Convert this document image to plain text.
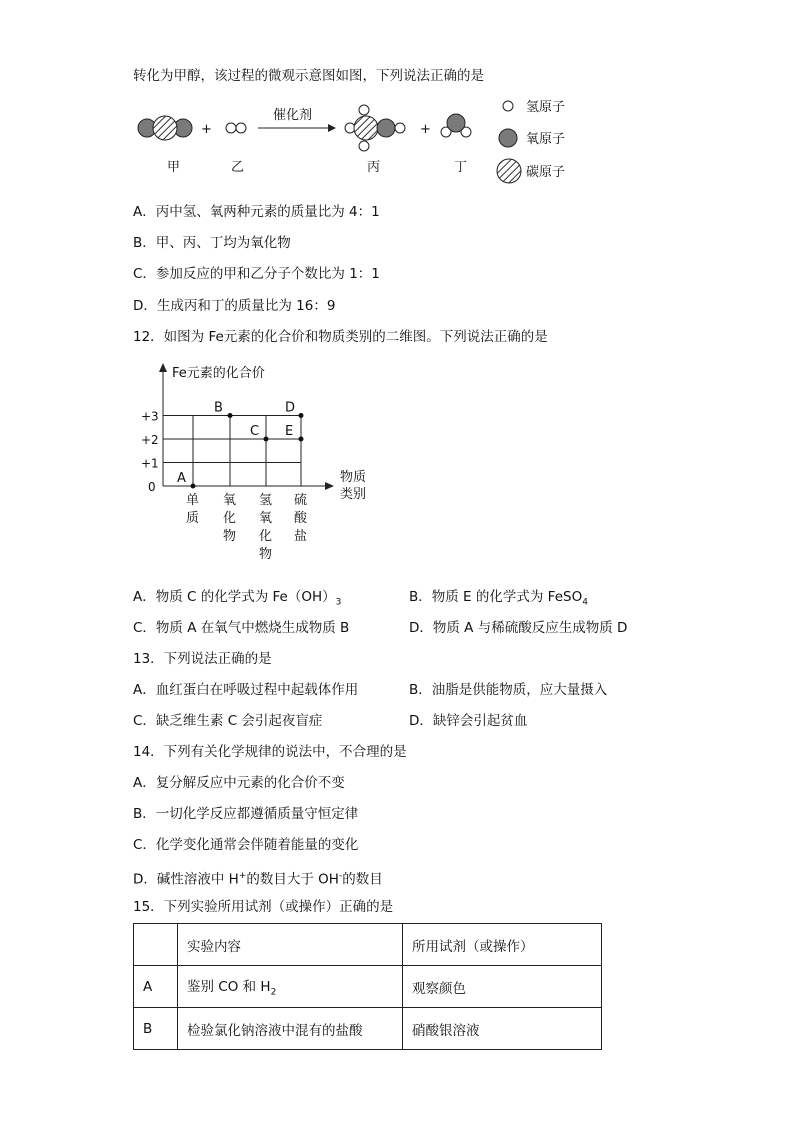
转化为甲醇，该过程的微观示意图如图，下列说法正确的是
+
催化剂
+
甲	乙	丙	丁
氢原子
氧原子
碳原子
A．丙中氢、氧两种元素的质量比为 4：1
B．甲、丙、丁均为氧化物
C．参加反应的甲和乙分子个数比为 1：1
D．生成丙和丁的质量比为 16：9
12．如图为 Fe元素的化合价和物质类别的二维图。下列说法正确的是
Fe元素的化合价
物质
类别
+3
+2
+1
0
单
质
氧
化
物
氢
氧
化
物
硫
酸
盐
A
B
C
D
E
A．物质 C 的化学式为 $Fe(OH)_3$	B．物质 E 的化学式为 FeSO$_4$
C．物质 A 在氧气中燃烧生成物质 B	D．物质 A 与稀硫酸反应生成物质 D
13．下列说法正确的是
A．血红蛋白在呼吸过程中起载体作用	B．油脂是供能物质，应大量摄入
C．缺乏维生素 C 会引起夜盲症	D．缺锌会引起贫血
14．下列有关化学规律的说法中，不合理的是
A．复分解反应中元素的化合价不变
B．一切化学反应都遵循质量守恒定律
C．化学变化通常会伴随着能量的变化
D．碱性溶液中 H+的数目大于 OH-的数目
15．下列实验所用试剂（或操作）正确的是
	实验内容	所用试剂（或操作）
A	鉴别 CO 和 $H_2$	观察颜色
B	检验氯化钠溶液中混有的盐酸	硝酸银溶液
